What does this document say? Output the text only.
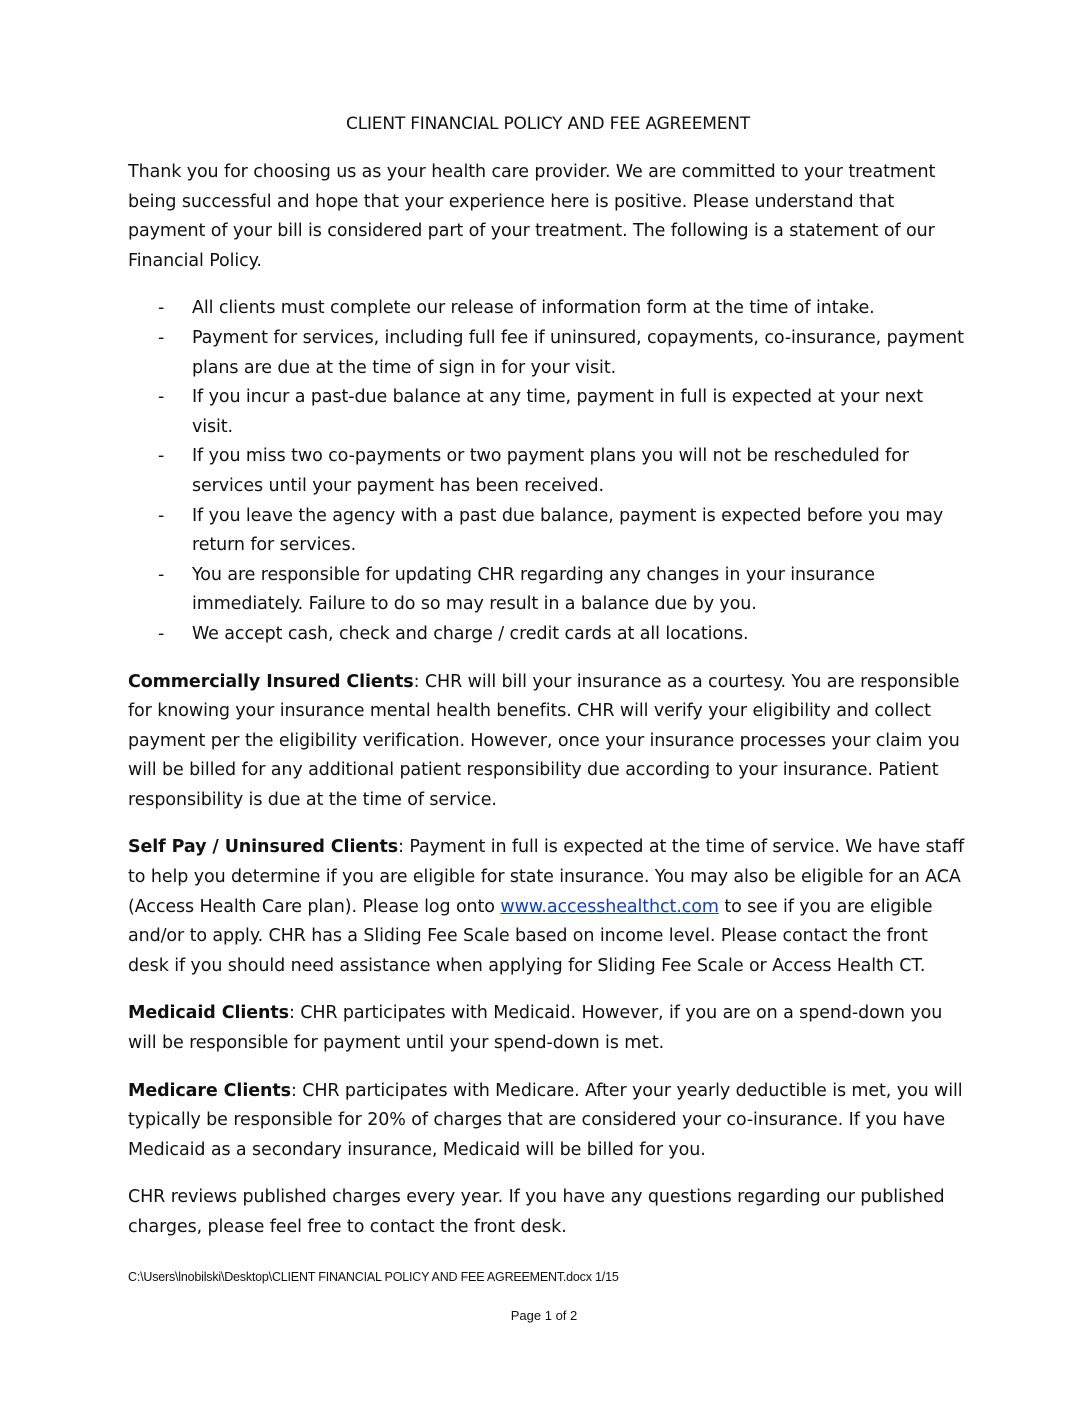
CLIENT FINANCIAL POLICY AND FEE AGREEMENT

Thank you for choosing us as your health care provider. We are committed to your treatment being successful and hope that your experience here is positive. Please understand that payment of your bill is considered part of your treatment. The following is a statement of our Financial Policy.

- All clients must complete our release of information form at the time of intake.
- Payment for services, including full fee if uninsured, copayments, co-insurance, payment plans are due at the time of sign in for your visit.
- If you incur a past-due balance at any time, payment in full is expected at your next visit.
- If you miss two co-payments or two payment plans you will not be rescheduled for services until your payment has been received.
- If you leave the agency with a past due balance, payment is expected before you may return for services.
- You are responsible for updating CHR regarding any changes in your insurance immediately. Failure to do so may result in a balance due by you.
- We accept cash, check and charge / credit cards at all locations.

Commercially Insured Clients: CHR will bill your insurance as a courtesy. You are responsible for knowing your insurance mental health benefits. CHR will verify your eligibility and collect payment per the eligibility verification. However, once your insurance processes your claim you will be billed for any additional patient responsibility due according to your insurance. Patient responsibility is due at the time of service.

Self Pay / Uninsured Clients: Payment in full is expected at the time of service. We have staff to help you determine if you are eligible for state insurance. You may also be eligible for an ACA (Access Health Care plan). Please log onto www.accesshealthct.com to see if you are eligible and/or to apply. CHR has a Sliding Fee Scale based on income level. Please contact the front desk if you should need assistance when applying for Sliding Fee Scale or Access Health CT.

Medicaid Clients: CHR participates with Medicaid. However, if you are on a spend-down you will be responsible for payment until your spend-down is met.

Medicare Clients: CHR participates with Medicare. After your yearly deductible is met, you will typically be responsible for 20% of charges that are considered your co-insurance. If you have Medicaid as a secondary insurance, Medicaid will be billed for you.

CHR reviews published charges every year. If you have any questions regarding our published charges, please feel free to contact the front desk.

C:\Users\lnobilski\Desktop\CLIENT FINANCIAL POLICY AND FEE AGREEMENT.docx 1/15
Page 1 of 2
